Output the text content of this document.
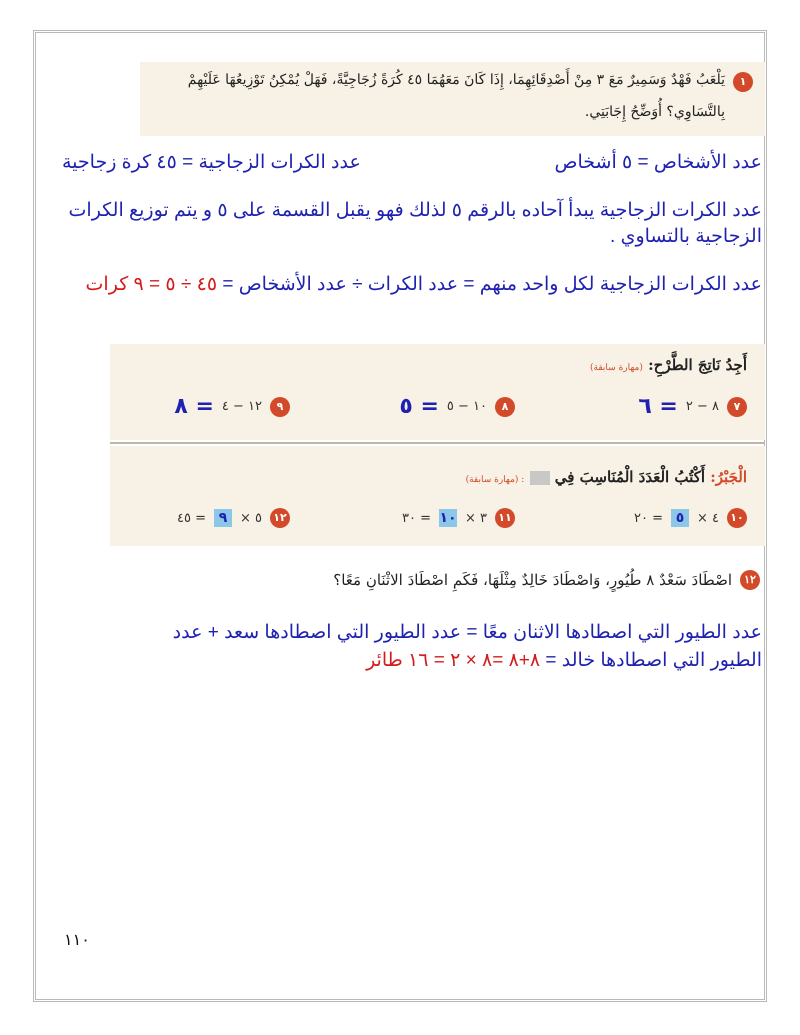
١
يَلْعَبُ فَهْدٌ وَسَمِيرٌ مَعَ ٣ مِنْ أَصْدِقَائِهِمَا، إِذَا كَانَ مَعَهُمَا ٤٥ كُرَةً زُجَاجِيَّةً، فَهَلْ يُمْكِنُ تَوْزِيعُهَا عَلَيْهِمْ
بِالتَّسَاوِي؟ أُوَضِّحُ إِجَابَتِي.
عدد الأشخاص = ٥ أشخاص
عدد الكرات الزجاجية = ٤٥ كرة زجاجية
عدد الكرات الزجاجية يبدأ آحاده بالرقم ٥ لذلك فهو يقبل القسمة على ٥ و يتم توزيع الكرات الزجاجية بالتساوي .
عدد الكرات الزجاجية لكل واحد منهم = عدد الكرات ÷ عدد الأشخاص = ٤٥ ÷ ٥ = ٩ كرات
أَجِدُ نَاتِجَ الطَّرْحِ: (مهارة سابقة)
٧
٨ − ٢
= ٦
٨
١٠ − ٥
= ٥
٩
١٢ − ٤
= ٨
الْجَبْرُ: أَكْتُبُ الْعَدَدَ الْمُنَاسِبَ فِي  : (مهارة سابقة)
١٠
٤ ×
٥
= ٢٠
١١
٣ ×
١٠
= ٣٠
١٢
٥ ×
٩
= ٤٥
١٢
اصْطَادَ سَعْدٌ ٨ طُيُورٍ، وَاصْطَادَ خَالِدٌ مِثْلَهَا، فَكَمِ اصْطَادَ الاثْنَانِ مَعًا؟
عدد الطيور التي اصطادها الاثنان معًا = عدد الطيور التي اصطادها سعد + عدد
الطيور التي اصطادها خالد = ٨+٨ =٨ × ٢ = ١٦ طائر
١١٠
